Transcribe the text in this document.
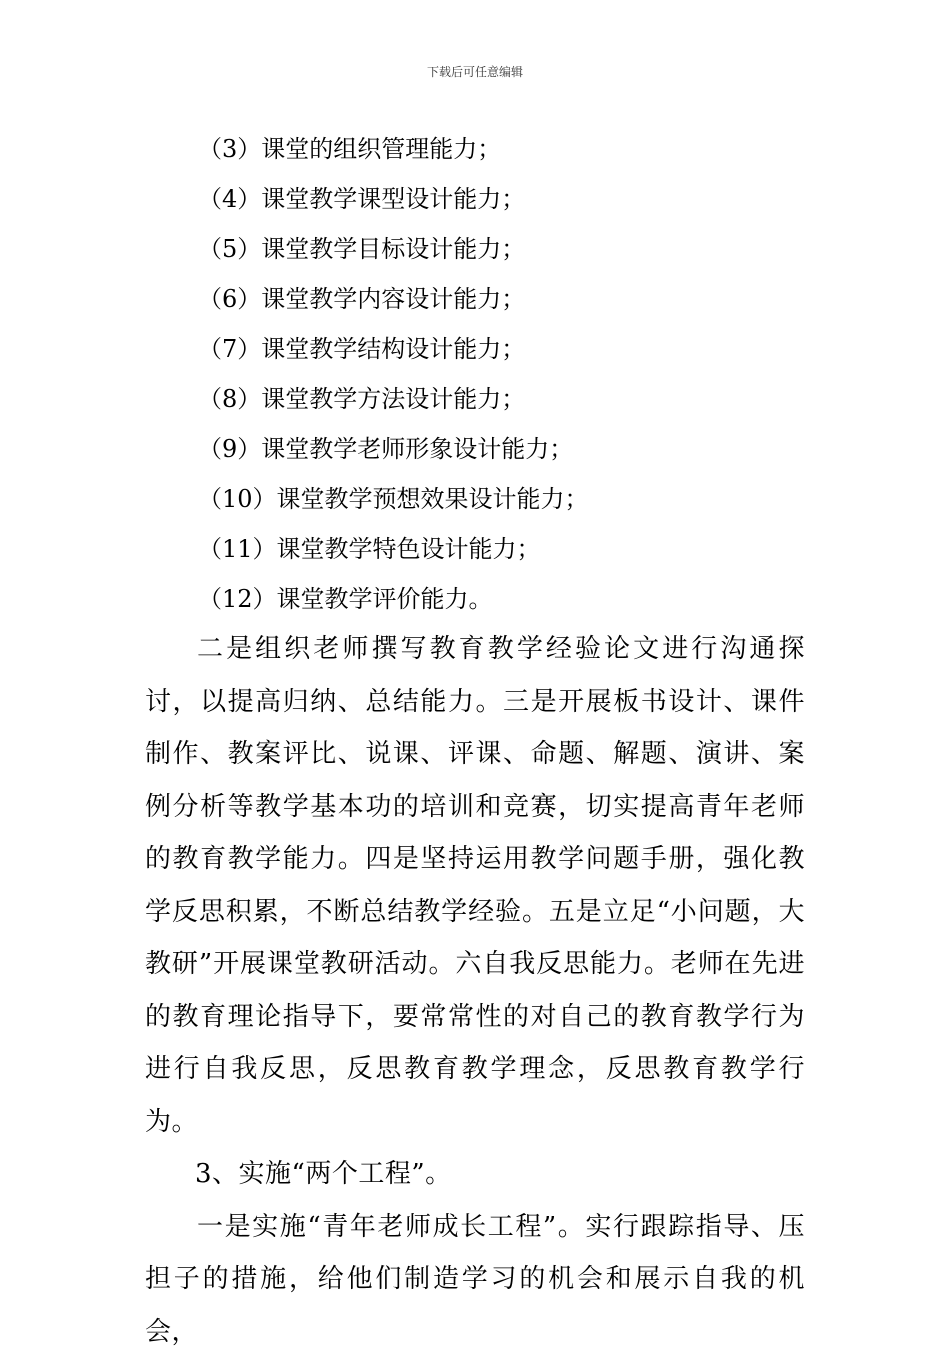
下载后可任意编辑
（3）课堂的组织管理能力；
（4）课堂教学课型设计能力；
（5）课堂教学目标设计能力；
（6）课堂教学内容设计能力；
（7）课堂教学结构设计能力；
（8）课堂教学方法设计能力；
（9）课堂教学老师形象设计能力；
（10）课堂教学预想效果设计能力；
（11）课堂教学特色设计能力；
（12）课堂教学评价能力。

二是组织老师撰写教育教学经验论文进行沟通探讨，以提高归纳、总结能力。三是开展板书设计、课件制作、教案评比、说课、评课、命题、解题、演讲、案例分析等教学基本功的培训和竞赛，切实提高青年老师的教育教学能力。四是坚持运用教学问题手册，强化教学反思积累，不断总结教学经验。五是立足“小问题，大教研”开展课堂教研活动。六自我反思能力。老师在先进的教育理论指导下，要常常性的对自己的教育教学行为进行自我反思，反思教育教学理念，反思教育教学行为。

3、实施“两个工程”。

一是实施“青年老师成长工程”。实行跟踪指导、压担子的措施，给他们制造学习的机会和展示自我的机会，
